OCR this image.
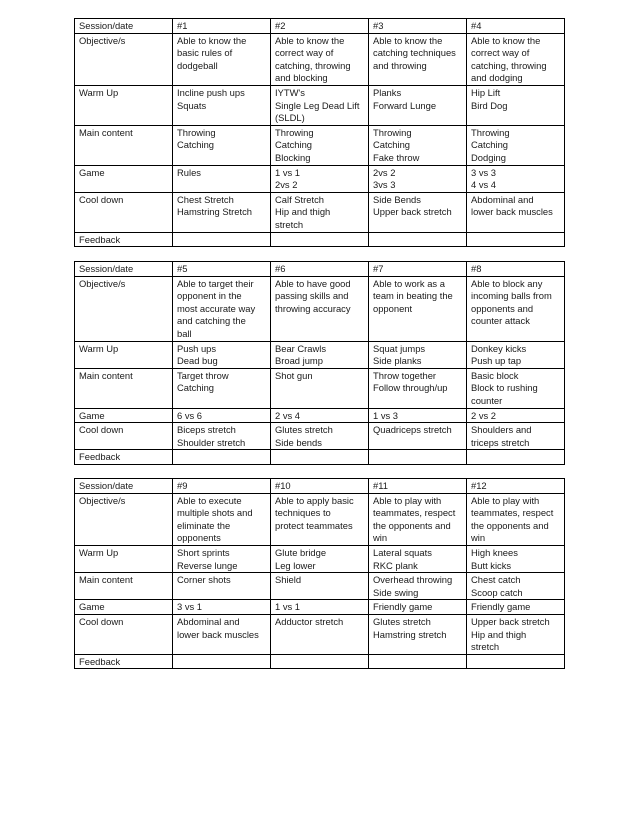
Session/date	#1	#2	#3	#4
Objective/s	Able to know the
basic rules of
dodgeball	Able to know the
correct way of
catching, throwing
and blocking	Able to know the
catching techniques
and throwing	Able to know the
correct way of
catching, throwing
and dodging
Warm Up	Incline push ups
Squats	IYTW's
Single Leg Dead Lift
(SLDL)	Planks
Forward Lunge	Hip Lift
Bird Dog
Main content	Throwing
Catching	Throwing
Catching
Blocking	Throwing
Catching
Fake throw	Throwing
Catching
Dodging
Game	Rules	1 vs 1
2vs 2	2vs 2
3vs 3	3 vs 3
4 vs 4
Cool down	Chest Stretch
Hamstring Stretch	Calf Stretch
Hip and thigh
stretch	Side Bends
Upper back stretch	Abdominal and
lower back muscles
Feedback				
Session/date	#5	#6	#7	#8
Objective/s	Able to target their
opponent in the
most accurate way
and catching the
ball	Able to have good
passing skills and
throwing accuracy	Able to work as a
team in beating the
opponent	Able to block any
incoming balls from
opponents and
counter attack
Warm Up	Push ups
Dead bug	Bear Crawls
Broad jump	Squat jumps
Side planks	Donkey kicks
Push up tap
Main content	Target throw
Catching	Shot gun	Throw together
Follow through/up	Basic block
Block to rushing
counter
Game	6 vs 6	2 vs 4	1 vs 3	2 vs 2
Cool down	Biceps stretch
Shoulder stretch	Glutes stretch
Side bends	Quadriceps stretch	Shoulders and
triceps stretch
Feedback				
Session/date	#9	#10	#11	#12
Objective/s	Able to execute
multiple shots and
eliminate the
opponents	Able to apply basic
techniques to
protect teammates	Able to play with
teammates, respect
the opponents and
win	Able to play with
teammates, respect
the opponents and
win
Warm Up	Short sprints
Reverse lunge	Glute bridge
Leg lower	Lateral squats
RKC plank	High knees
Butt kicks
Main content	Corner shots	Shield	Overhead throwing
Side swing	Chest catch
Scoop catch
Game	3 vs 1	1 vs 1	Friendly game	Friendly game
Cool down	Abdominal and
lower back muscles	Adductor stretch	Glutes stretch
Hamstring stretch	Upper back stretch
Hip and thigh
stretch
Feedback				
